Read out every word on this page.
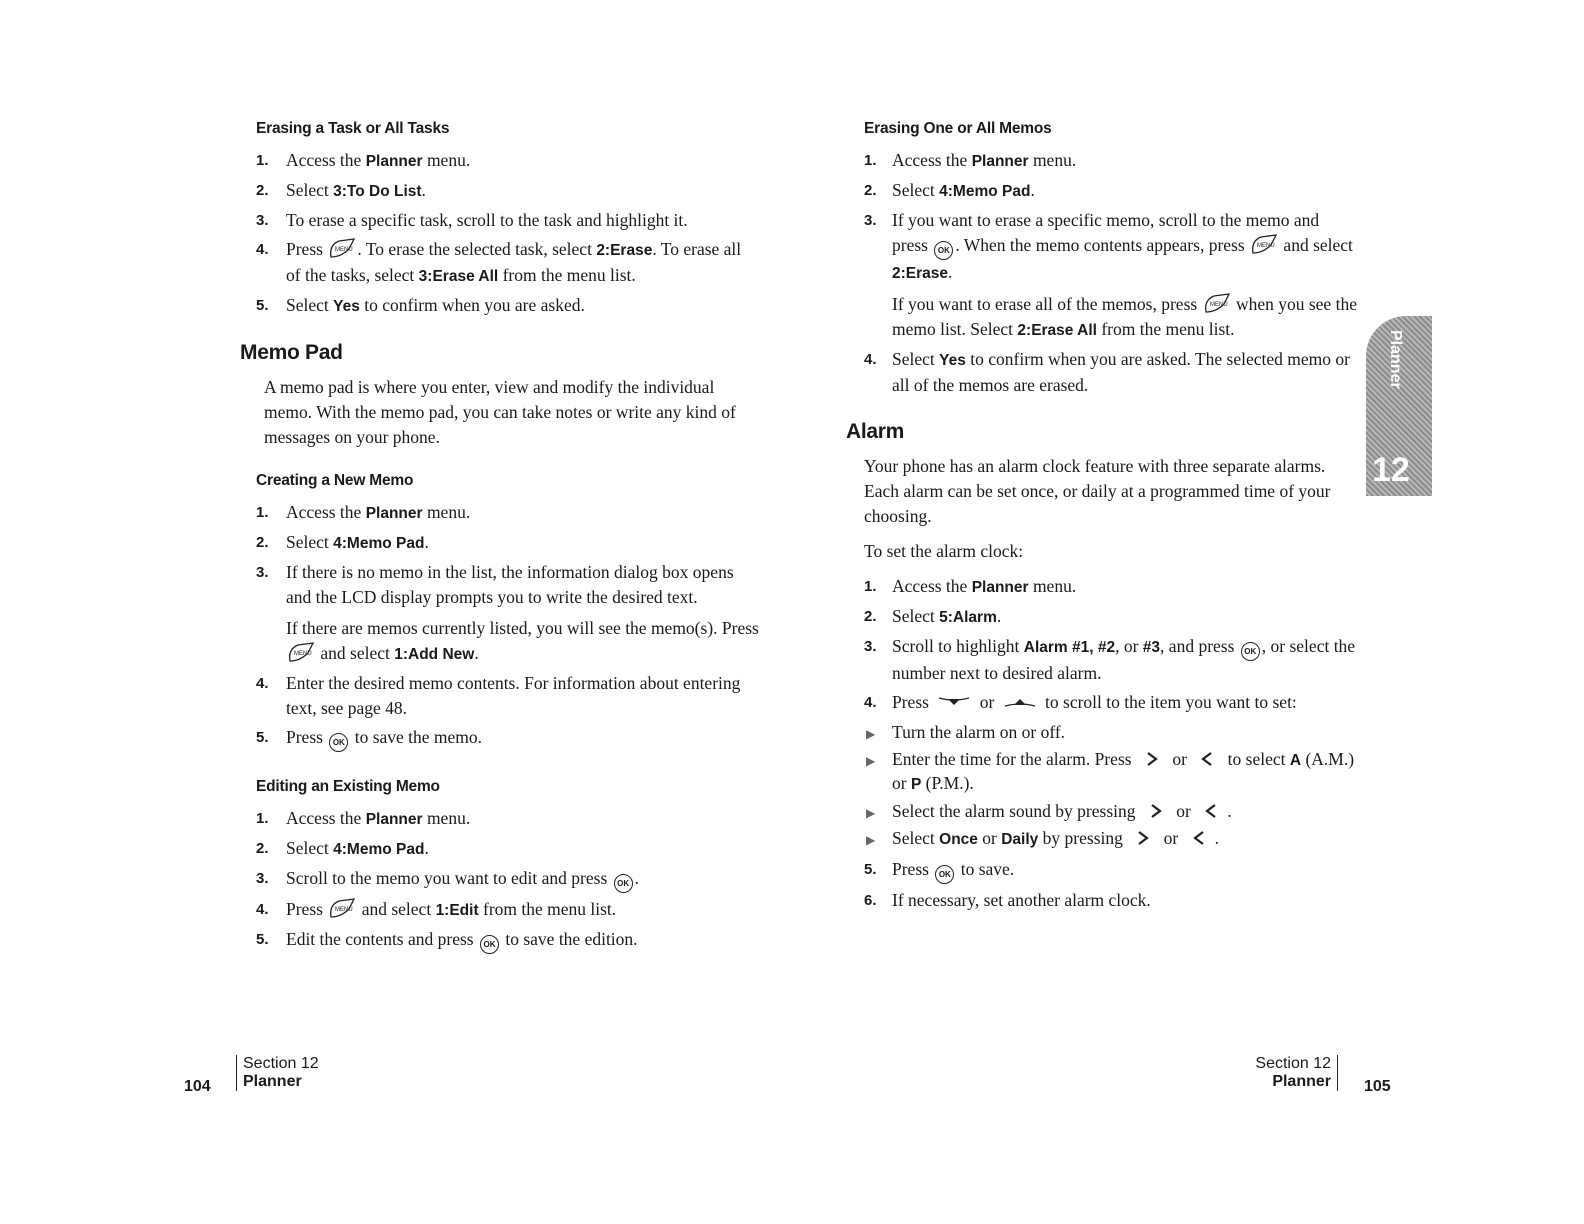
Erasing a Task or All Tasks
1. Access the Planner menu.
2. Select 3:To Do List.
3. To erase a specific task, scroll to the task and highlight it.
4. Press MENU . To erase the selected task, select 2:Erase. To erase all of the tasks, select 3:Erase All from the menu list.
5. Select Yes to confirm when you are asked.
Memo Pad

A memo pad is where you enter, view and modify the individual memo. With the memo pad, you can take notes or write any kind of messages on your phone.

Creating a New Memo
1. Access the Planner menu.
2. Select 4:Memo Pad.
3. If there is no memo in the list, the information dialog box opens and the LCD display prompts you to write the desired text.
If there are memos currently listed, you will see the memo(s). Press
MENU and select 1:Add New.
4. Enter the desired memo contents. For information about entering text, see page 48.
5. Press OK to save the memo.
Editing an Existing Memo
1. Access the Planner menu.
2. Select 4:Memo Pad.
3. Scroll to the memo you want to edit and press OK .
4. Press MENU and select 1:Edit from the menu list.
5. Edit the contents and press OK to save the edition.
Erasing One or All Memos
1. Access the Planner menu.
2. Select 4:Memo Pad.
3. If you want to erase a specific memo, scroll to the memo and press OK . When the memo contents appears, press MENU and select 2:Erase.
If you want to erase all of the memos, press MENU when you see the memo list. Select 2:Erase All from the menu list.
4. Select Yes to confirm when you are asked. The selected memo or all of the memos are erased.
Alarm

Your phone has an alarm clock feature with three separate alarms. Each alarm can be set once, or daily at a programmed time of your choosing.

To set the alarm clock:

1. Access the Planner menu.
2. Select 5:Alarm.
3. Scroll to highlight Alarm #1, #2, or #3, and press OK , or select the number next to desired alarm.
4. Press  or  to scroll to the item you want to set:
▶ Turn the alarm on or off.
▶ Enter the time for the alarm. Press  or  to select A (A.M.) or P (P.M.).
▶ Select the alarm sound by pressing  or .
▶ Select Once or Daily by pressing  or .
5. Press OK to save.
6. If necessary, set another alarm clock.
Planner
12
104
Section 12
Planner
Section 12
Planner 105
